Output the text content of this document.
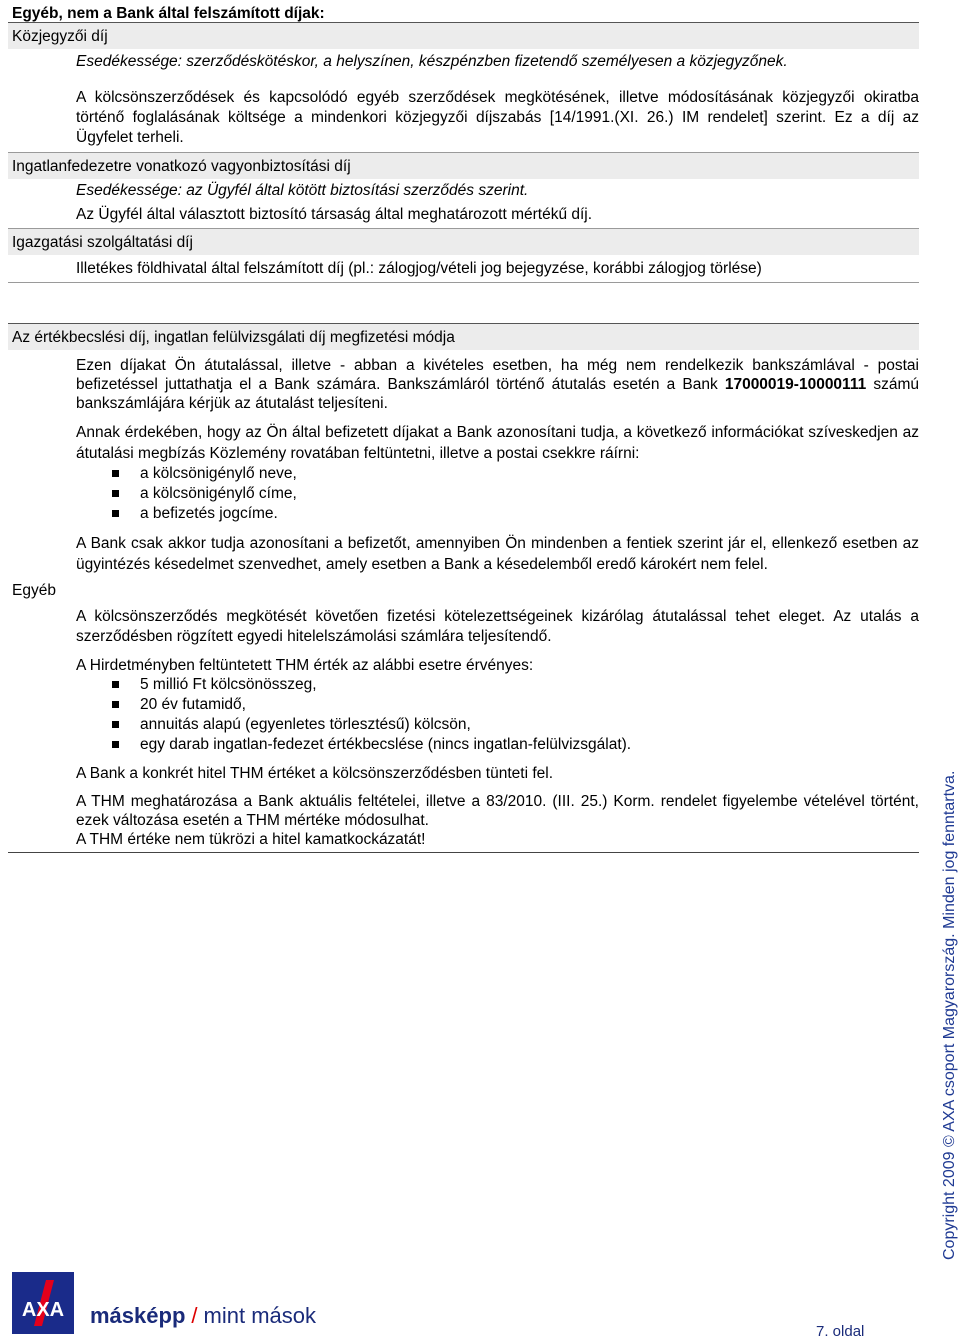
Egyéb, nem a Bank által felszámított díjak:
Közjegyzői díj

Esedékessége: szerződéskötéskor, a helyszínen, készpénzben fizetendő személyesen a közjegyzőnek.

A kölcsönszerződések és kapcsolódó egyéb szerződések megkötésének, illetve módosításának közjegyzői okiratba történő foglalásának költsége a mindenkori közjegyzői díjszabás [14/1991.(XI. 26.) IM rendelet] szerint. Ez a díj az Ügyfelet terheli.

Ingatlanfedezetre vonatkozó vagyonbiztosítási díj

Esedékessége: az Ügyfél által kötött biztosítási szerződés szerint.

Az Ügyfél által választott biztosító társaság által meghatározott mértékű díj.

Igazgatási szolgáltatási díj

Illetékes földhivatal által felszámított díj (pl.: zálogjog/vételi jog bejegyzése, korábbi zálogjog törlése)

Az értékbecslési díj, ingatlan felülvizsgálati díj megfizetési módja

Ezen díjakat Ön átutalással, illetve - abban a kivételes esetben, ha még nem rendelkezik bankszámlával - postai befizetéssel juttathatja el a Bank számára. Bankszámláról történő átutalás esetén a Bank 17000019-10000111 számú bankszámlájára kérjük az átutalást teljesíteni.

Annak érdekében, hogy az Ön által befizetett díjakat a Bank azonosítani tudja, a következő információkat szíveskedjen az átutalási megbízás Közlemény rovatában feltüntetni, illetve a postai csekkre ráírni:

a kölcsönigénylő neve,
a kölcsönigénylő címe,
a befizetés jogcíme.

A Bank csak akkor tudja azonosítani a befizetőt, amennyiben Ön mindenben a fentiek szerint jár el, ellenkező esetben az ügyintézés késedelmet szenvedhet, amely esetben a Bank a késedelemből eredő károkért nem felel.

Egyéb

A kölcsönszerződés megkötését követően fizetési kötelezettségeinek kizárólag átutalással tehet eleget. Az utalás a szerződésben rögzített egyedi hitelelszámolási számlára teljesítendő.

A Hirdetményben feltüntetett THM érték az alábbi esetre érvényes:

5 millió Ft kölcsönösszeg,
20 év futamidő,
annuitás alapú (egyenletes törlesztésű) kölcsön,
egy darab ingatlan-fedezet értékbecslése (nincs ingatlan-felülvizsgálat).

A Bank a konkrét hitel THM értéket a kölcsönszerződésben tünteti fel.

A THM meghatározása a Bank aktuális feltételei, illetve a 83/2010. (III. 25.) Korm. rendelet figyelembe vételével történt, ezek változása esetén a THM mértéke módosulhat.

A THM értéke nem tükrözi a hitel kamatkockázatát!	Copyright 2009 © AXA csoport Magyarország. Minden jog fenntartva.
AXA másképp / mint mások
7. oldal
